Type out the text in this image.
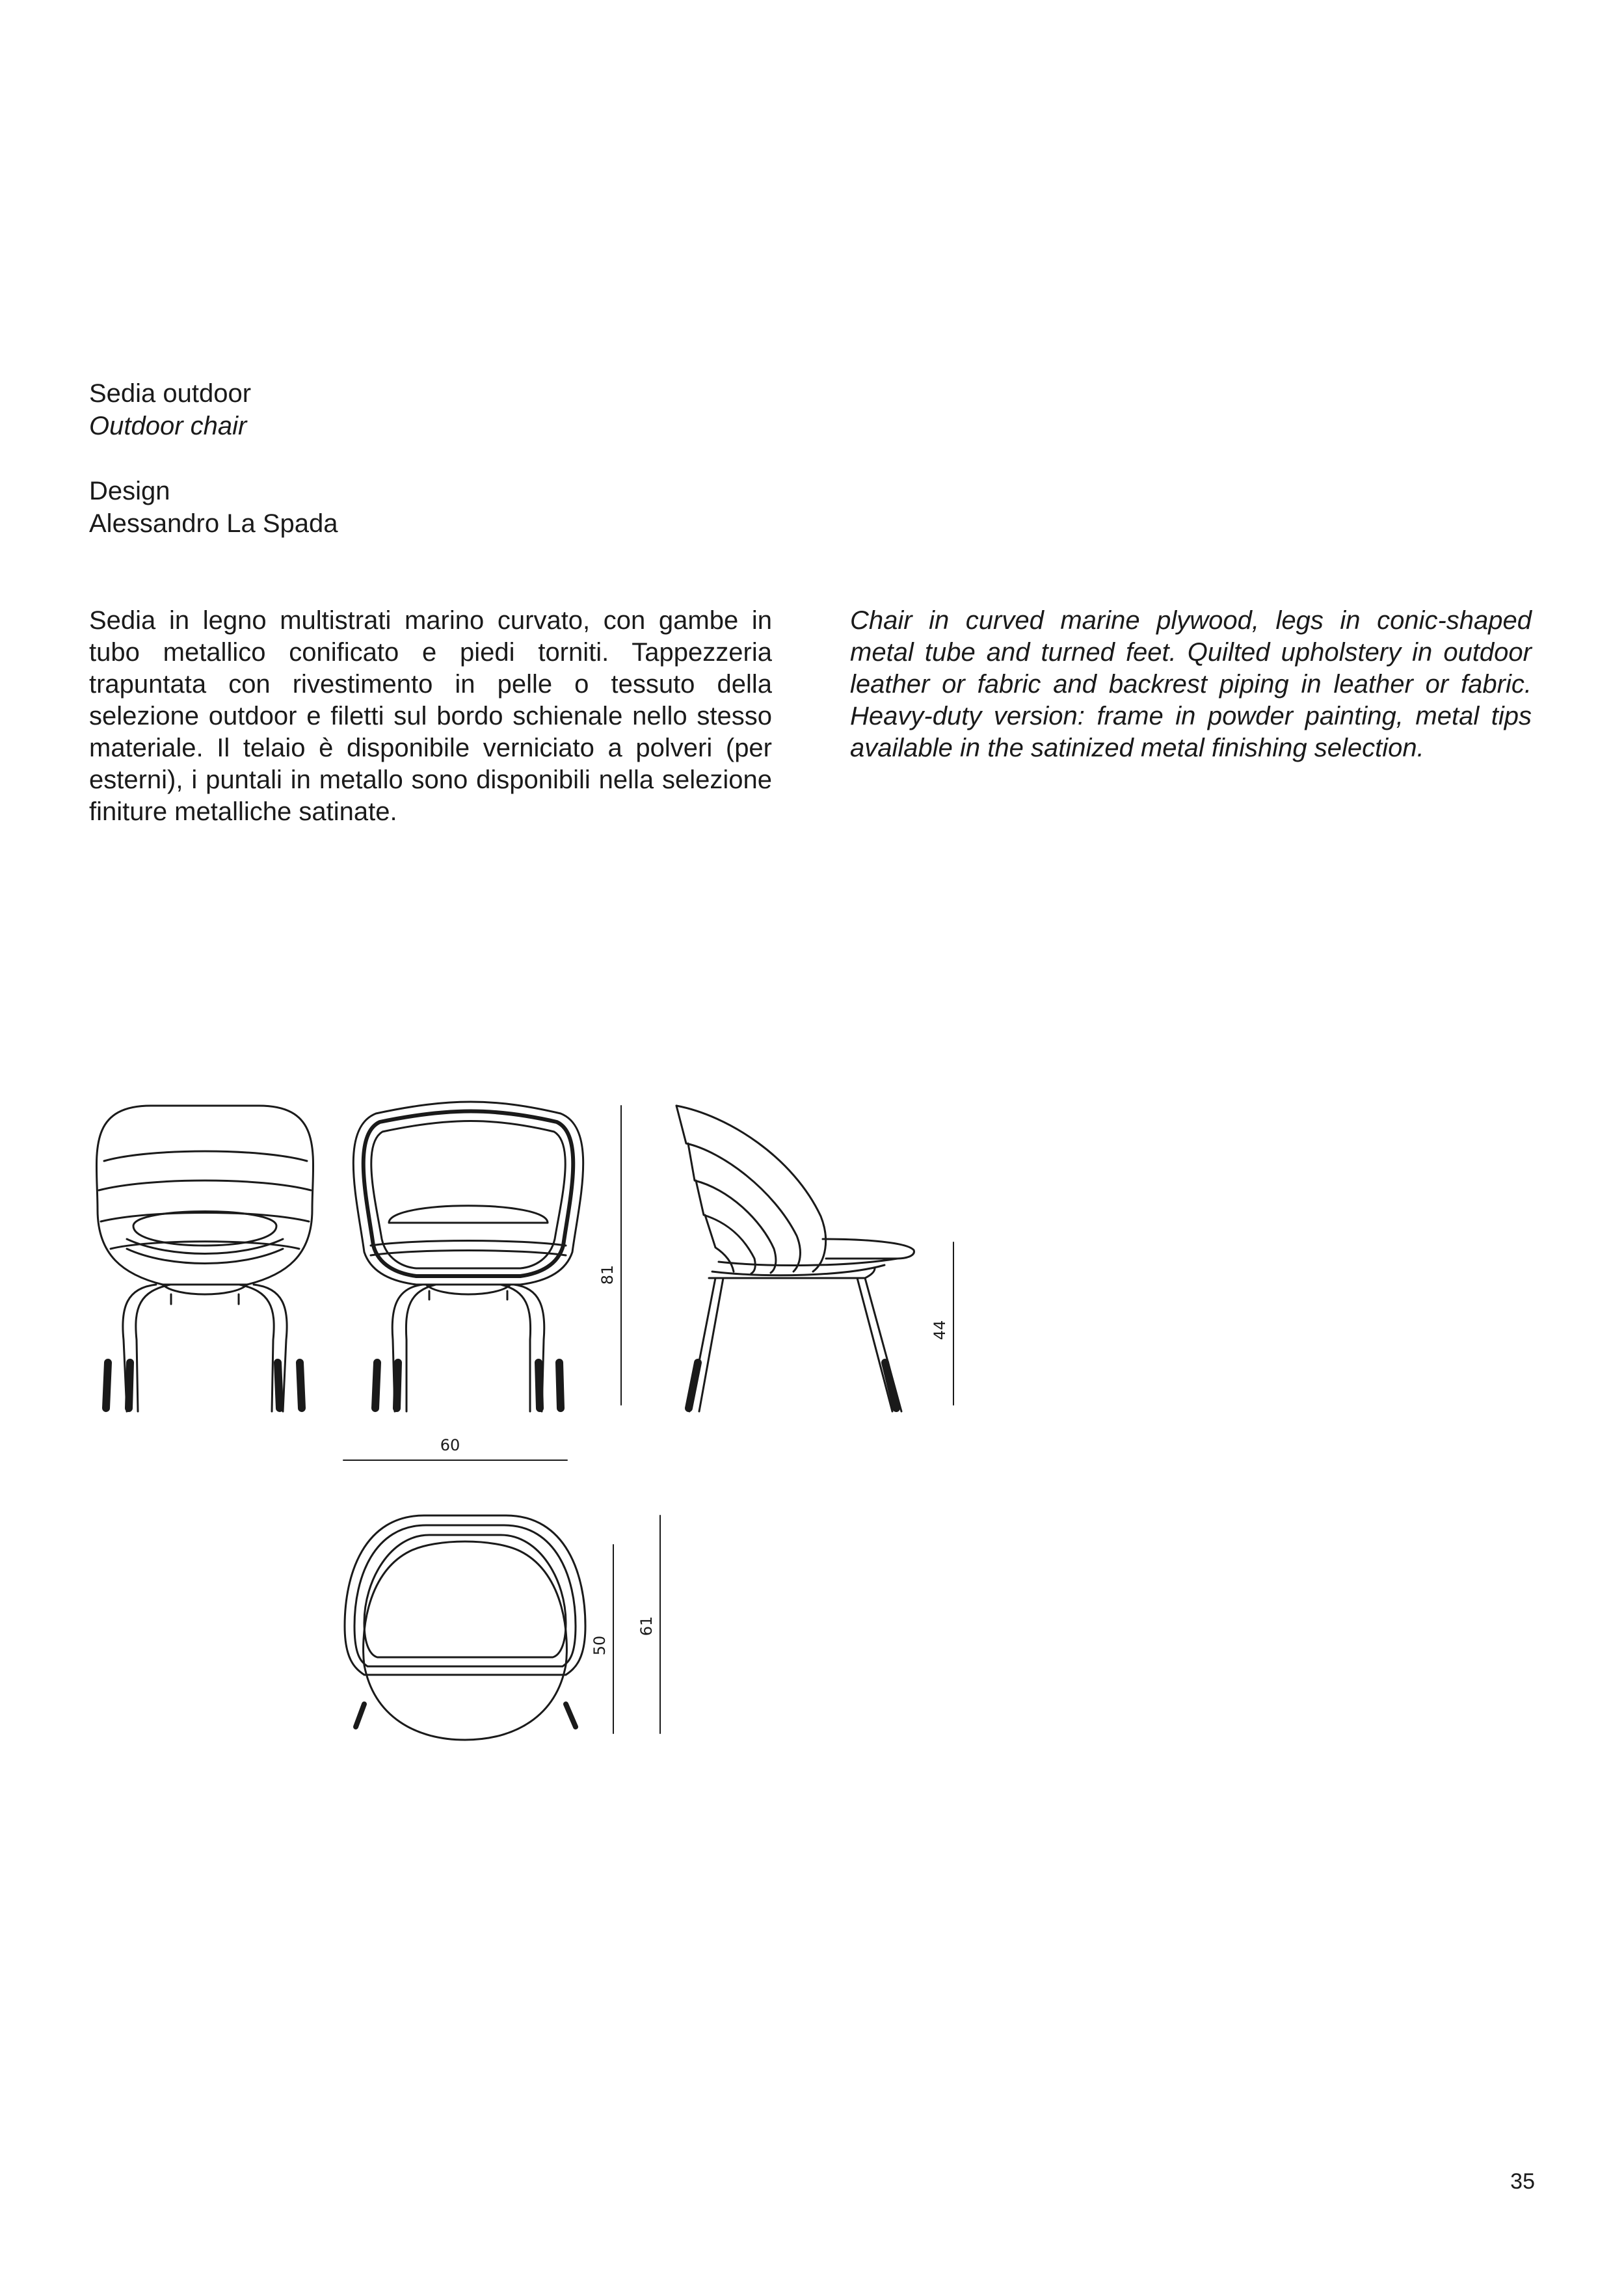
Sedia outdoor
Outdoor chair
Design
Alessandro La Spada
Sedia in legno multistrati marino curvato, con gambe in tubo metallico conificato e piedi torniti. Tappezzeria trapuntata con rivestimento in pelle o tessuto della selezione outdoor e filetti sul bordo schienale nello stesso materiale. Il telaio è disponibile verniciato a polveri (per esterni), i puntali in metallo sono disponibili nella selezione finiture metalliche satinate.
Chair in curved marine plywood, legs in conic-shaped metal tube and turned feet. Quilted upholstery in outdoor leather or fabric and backrest piping in leather or fabric. Heavy-duty version: frame in powder painting, metal tips available in the satinized metal finishing selection.
81
44
60
50
61
35
